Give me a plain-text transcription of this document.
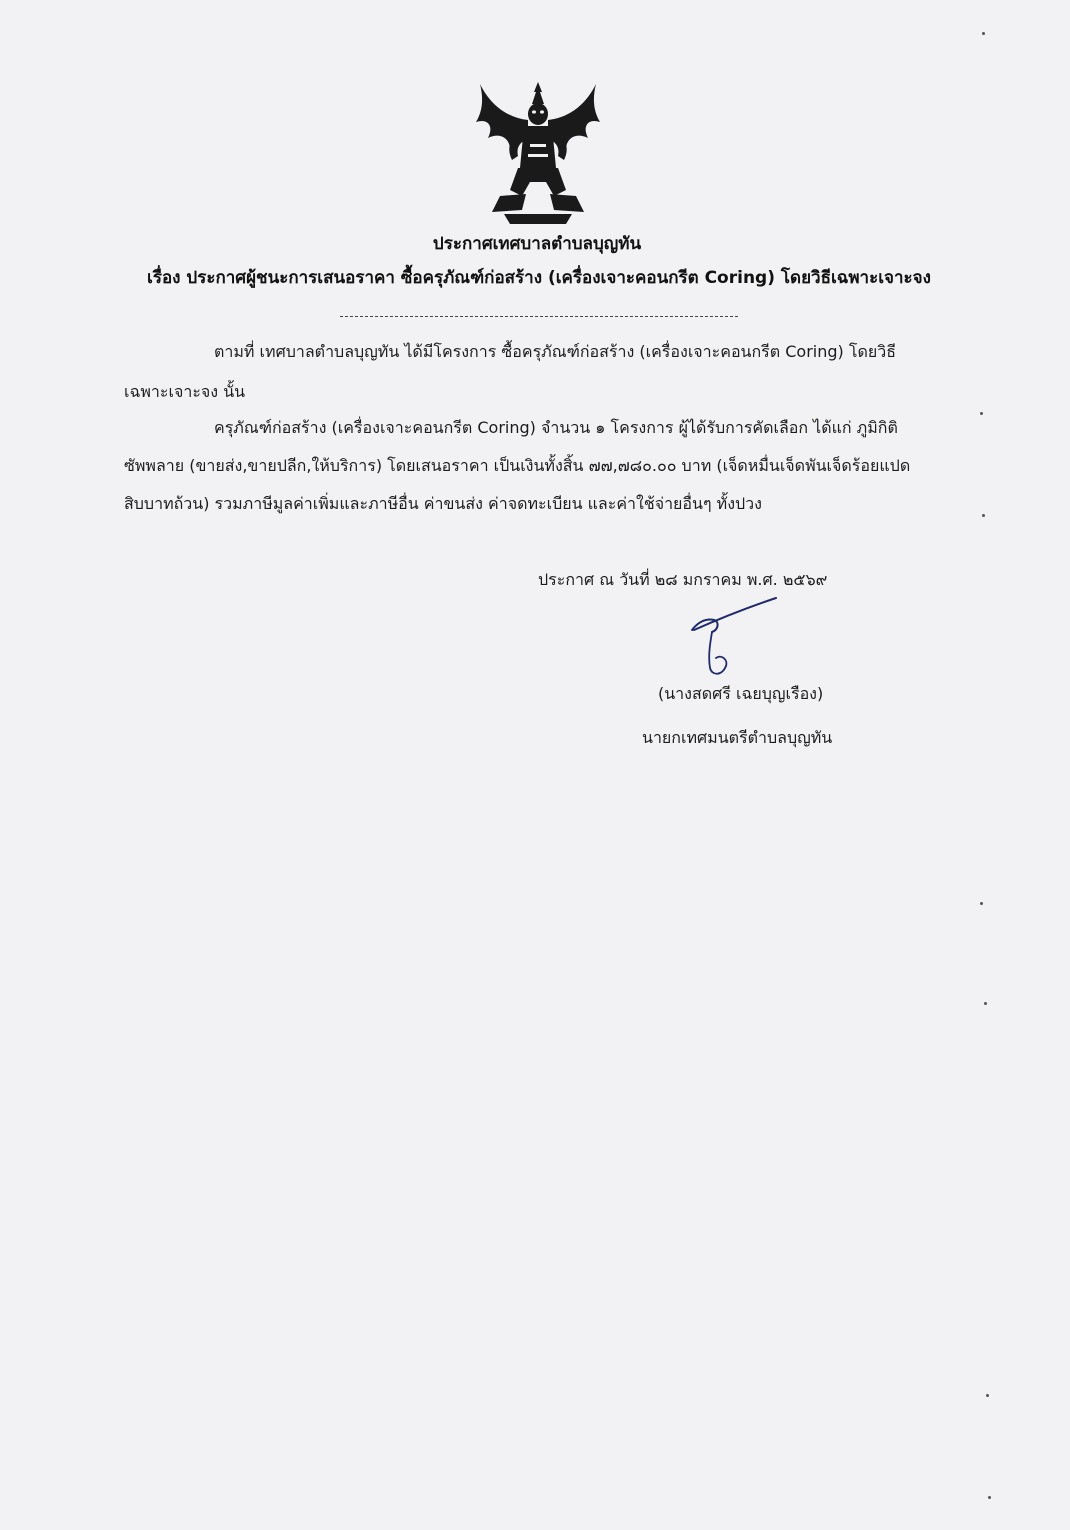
ประกาศเทศบาลตำบลบุญทัน
เรื่อง ประกาศผู้ชนะการเสนอราคา ซื้อครุภัณฑ์ก่อสร้าง (เครื่องเจาะคอนกรีต Coring) โดยวิธีเฉพาะเจาะจง
ตามที่ เทศบาลตำบลบุญทัน ได้มีโครงการ ซื้อครุภัณฑ์ก่อสร้าง (เครื่องเจาะคอนกรีต Coring) โดยวิธี
เฉพาะเจาะจง นั้น
ครุภัณฑ์ก่อสร้าง (เครื่องเจาะคอนกรีต Coring) จำนวน ๑ โครงการ ผู้ได้รับการคัดเลือก ได้แก่ ภูมิกิติ
ซัพพลาย (ขายส่ง,ขายปลีก,ให้บริการ) โดยเสนอราคา เป็นเงินทั้งสิ้น ๗๗,๗๘๐.๐๐ บาท (เจ็ดหมื่นเจ็ดพันเจ็ดร้อยแปด
สิบบาทถ้วน) รวมภาษีมูลค่าเพิ่มและภาษีอื่น ค่าขนส่ง ค่าจดทะเบียน และค่าใช้จ่ายอื่นๆ ทั้งปวง
ประกาศ ณ วันที่ ๒๘ มกราคม พ.ศ. ๒๕๖๙
(นางสดศรี เฉยบุญเรือง)
นายกเทศมนตรีตำบลบุญทัน
